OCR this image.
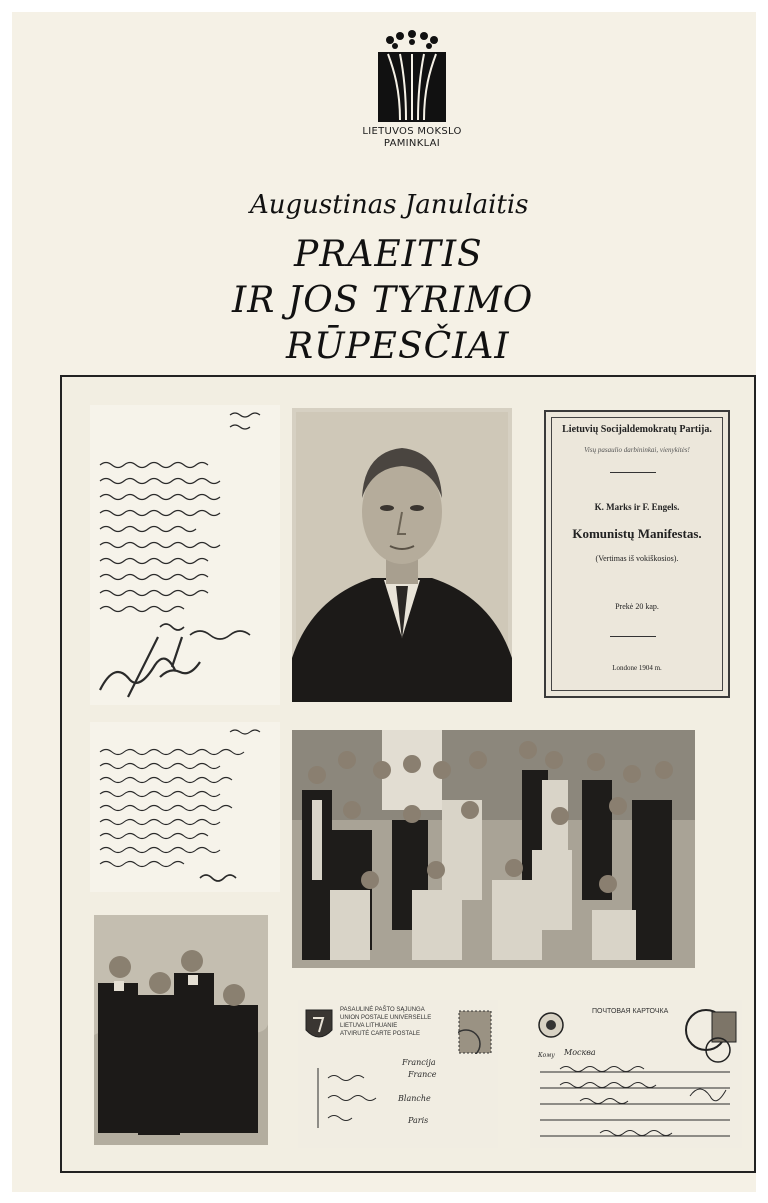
LIETUVOS MOKSLO
PAMINKLAI
Augustinas Janulaitis
PRAEITIS
IR JOS TYRIMO
RŪPESČIAI
Lietuvių Socijaldemokratų Partija.
Visų pasaulio darbininkai, vienykitės!
K. Marks ir F. Engels.
Komunistų Manifestas.
(Vertimas iš vokiškosios).
Prekė 20 kap.
Londone 1904 m.
PASAULINĖ PAŠTO SĄJUNGA
UNION POSTALE UNIVERSELLE
LIETUVA LITHUANIE
ATVIRUTĖ CARTE POSTALE
Francija
France
Blanche
Paris
ПОЧТОВАЯ КАРТОЧКА
Кому Москва
